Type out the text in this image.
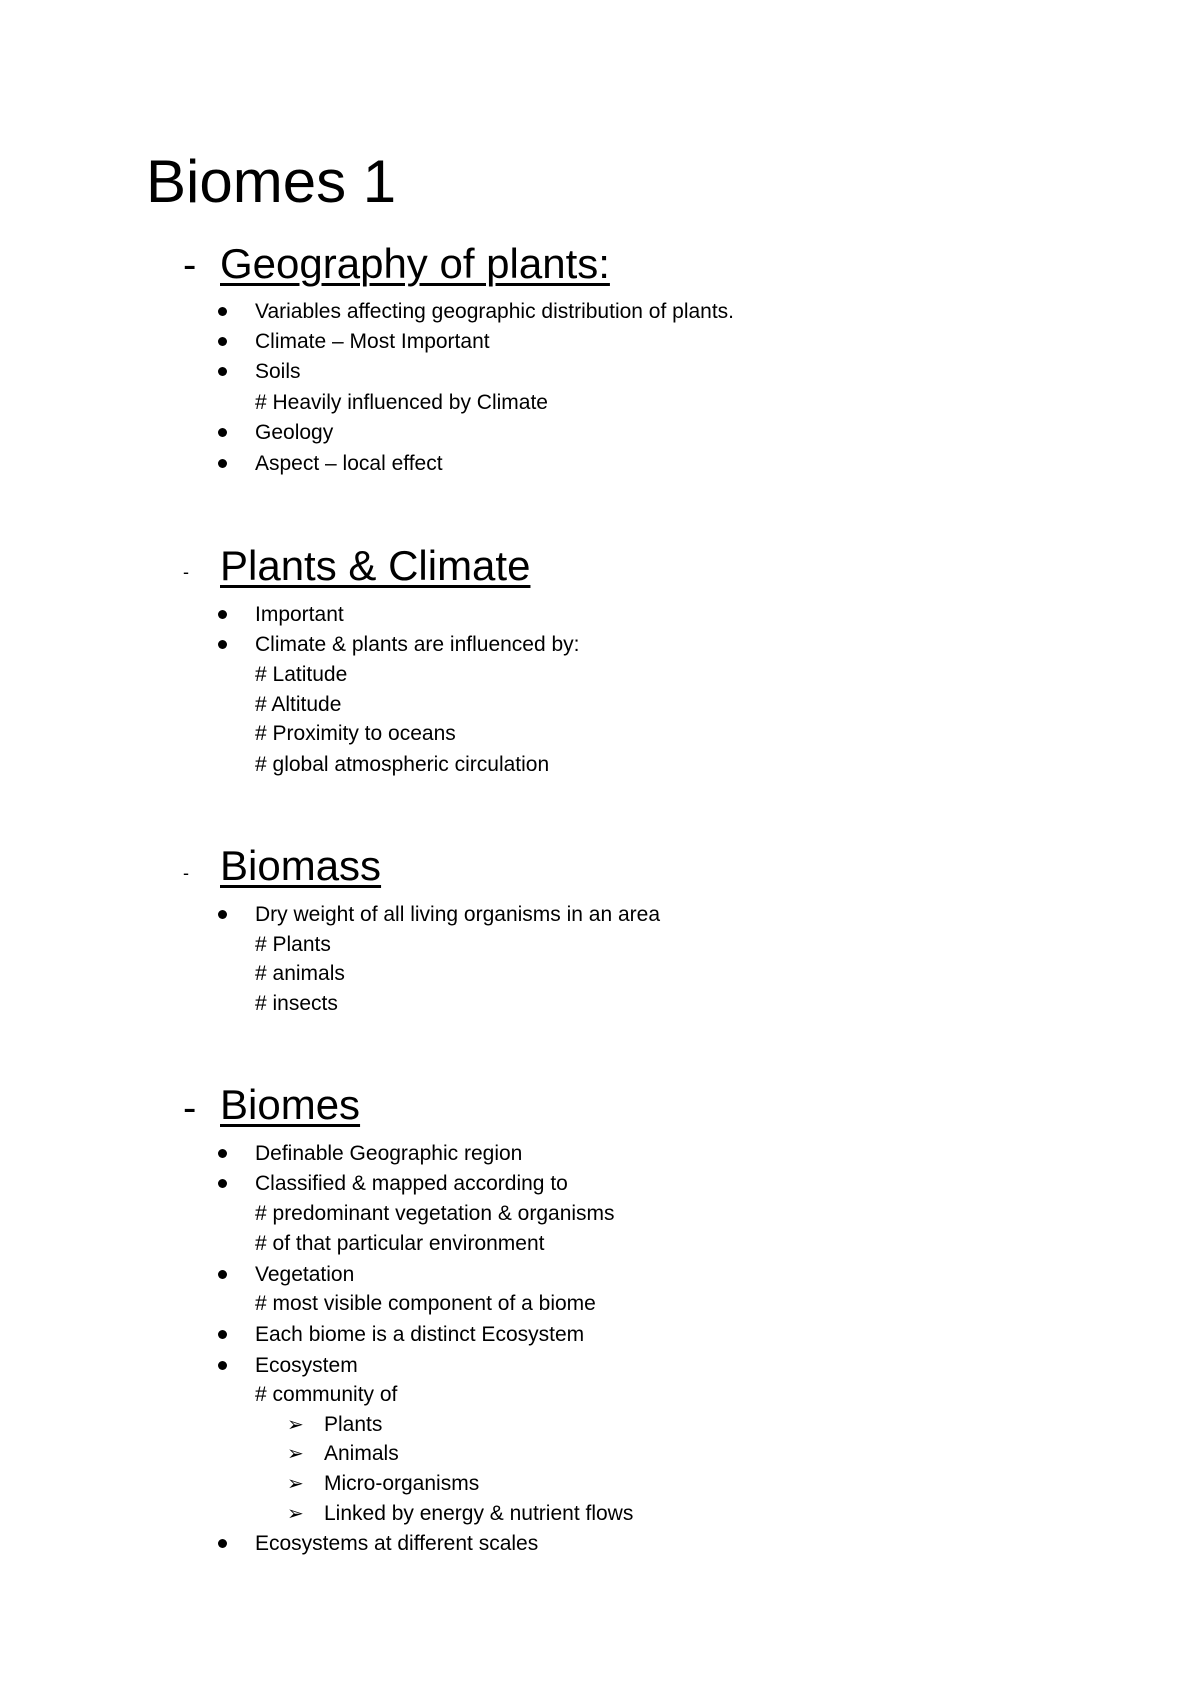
Biomes 1
- Geography of plants:
Variables affecting geographic distribution of plants.
Climate – Most Important
Soils
# Heavily influenced by Climate
Geology
Aspect – local effect
- Plants & Climate
Important
Climate & plants are influenced by:
# Latitude
# Altitude
# Proximity to oceans
# global atmospheric circulation
- Biomass
Dry weight of all living organisms in an area
# Plants
# animals
# insects
- Biomes
Definable Geographic region
Classified & mapped according to
# predominant vegetation & organisms
# of that particular environment
Vegetation
# most visible component of a biome
Each biome is a distinct Ecosystem
Ecosystem
# community of
➢ Plants
➢ Animals
➢ Micro-organisms
➢ Linked by energy & nutrient flows
Ecosystems at different scales
